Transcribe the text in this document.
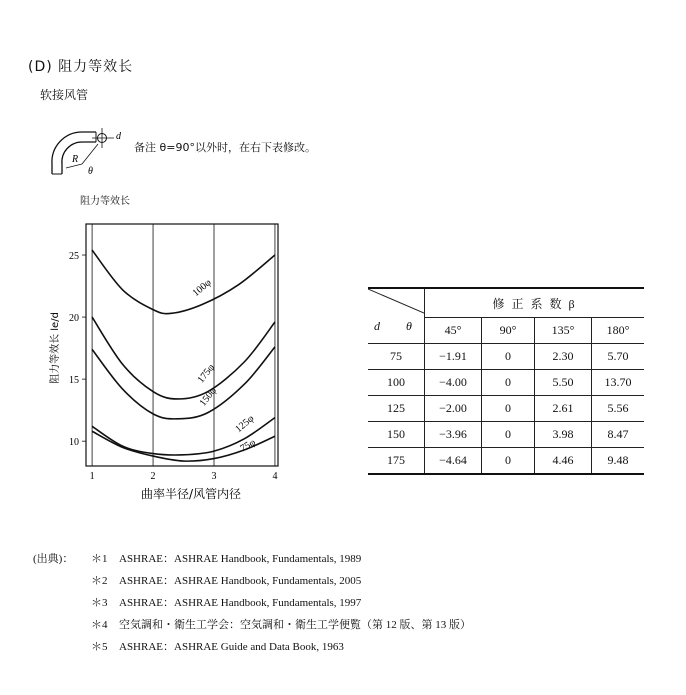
(D) 阻力等效长
软接风管
d
R
θ
备注 θ=90°以外时，在右下表修改。
阻力等效长
100φ
175φ
150φ
125φ
75φ
1	2	3	4
10
15
20
25
阻力等效长 le/d
曲率半径/风管内径
d θ	修 正 系 数 β			
	45°	90°	135°	180°
75	−1.91	0	2.30	5.70
100	−4.00	0	5.50	13.70
125	−2.00	0	2.61	5.56
150	−3.96	0	3.98	8.47
175	−4.64	0	4.46	9.48
(出典)：	＊1	ASHRAE：ASHRAE Handbook, Fundamentals, 1989
＊2	ASHRAE：ASHRAE Handbook, Fundamentals, 2005
＊3	ASHRAE：ASHRAE Handbook, Fundamentals, 1997
＊4	空気調和・衛生工学会：空気調和・衛生工学便覧（第 12 版、第 13 版）
＊5	ASHRAE：ASHRAE Guide and Data Book, 1963
